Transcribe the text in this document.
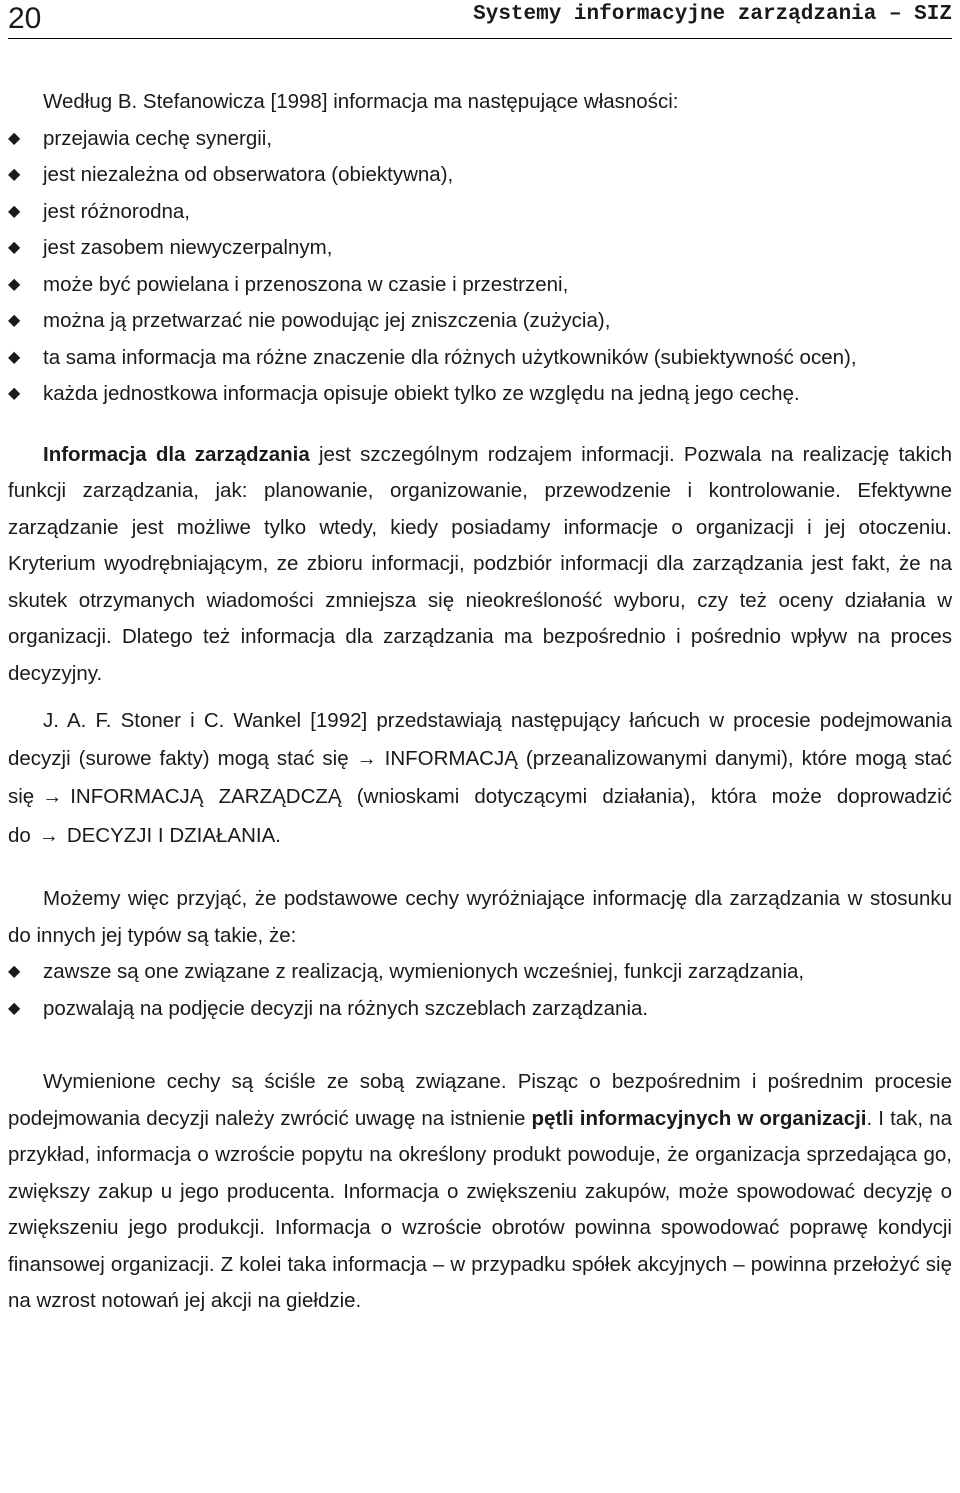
20	Systemy informacyjne zarządzania – SIZ

Według B. Stefanowicza [1998] informacja ma następujące własności:

◆ przejawia cechę synergii,
◆ jest niezależna od obserwatora (obiektywna),
◆ jest różnorodna,
◆ jest zasobem niewyczerpalnym,
◆ może być powielana i przenoszona w czasie i przestrzeni,
◆ można ją przetwarzać nie powodując jej zniszczenia (zużycia),
◆ ta sama informacja ma różne znaczenie dla różnych użytkowników (subiektywność ocen),
◆ każda jednostkowa informacja opisuje obiekt tylko ze względu na jedną jego cechę.

Informacja dla zarządzania jest szczególnym rodzajem informacji. Pozwala na realizację takich funkcji zarządzania, jak: planowanie, organizowanie, przewodzenie i kontrolowanie. Efektywne zarządzanie jest możliwe tylko wtedy, kiedy posiadamy informacje o organizacji i jej otoczeniu. Kryterium wyodrębniającym, ze zbioru informacji, podzbiór informacji dla zarządzania jest fakt, że na skutek otrzymanych wiadomości zmniejsza się nieokreśloność wyboru, czy też oceny działania w organizacji. Dlatego też informacja dla zarządzania ma bezpośrednio i pośrednio wpływ na proces decyzyjny.

J. A. F. Stoner i C. Wankel [1992] przedstawiają następujący łańcuch w procesie podejmowania decyzji (surowe fakty) mogą stać się → INFORMACJĄ (przeanalizowanymi danymi), które mogą stać się → INFORMACJĄ ZARZĄDCZĄ (wnioskami dotyczącymi działania), która może doprowadzić do → DECYZJI I DZIAŁANIA.

Możemy więc przyjąć, że podstawowe cechy wyróżniające informację dla zarządzania w stosunku do innych jej typów są takie, że:

◆ zawsze są one związane z realizacją, wymienionych wcześniej, funkcji zarządzania,
◆ pozwalają na podjęcie decyzji na różnych szczeblach zarządzania.

Wymienione cechy są ściśle ze sobą związane. Pisząc o bezpośrednim i pośrednim procesie podejmowania decyzji należy zwrócić uwagę na istnienie pętli informacyjnych w organizacji. I tak, na przykład, informacja o wzroście popytu na określony produkt powoduje, że organizacja sprzedająca go, zwiększy zakup u jego producenta. Informacja o zwiększeniu zakupów, może spowodować decyzję o zwiększeniu jego produkcji. Informacja o wzroście obrotów powinna spowodować poprawę kondycji finansowej organizacji. Z kolei taka informacja – w przypadku spółek akcyjnych – powinna przełożyć się na wzrost notowań jej akcji na giełdzie.
